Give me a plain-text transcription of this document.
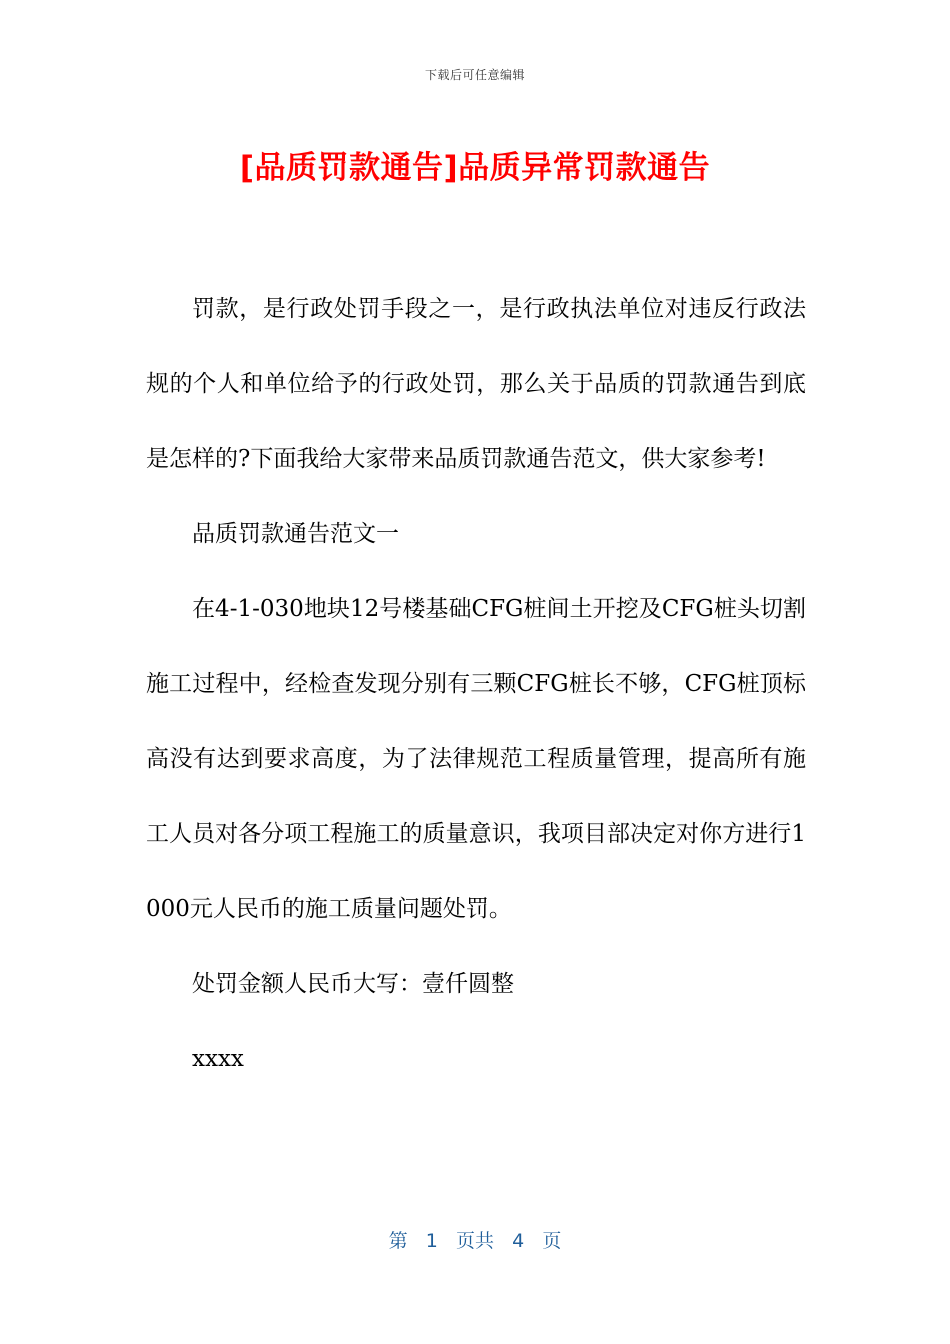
下载后可任意编辑
[品质罚款通告]品质异常罚款通告

罚款，是行政处罚手段之一，是行政执法单位对违反行政法规的个人和单位给予的行政处罚，那么关于品质的罚款通告到底是怎样的?下面我给大家带来品质罚款通告范文，供大家参考!

品质罚款通告范文一

在4-1-030地块12号楼基础CFG桩间土开挖及CFG桩头切割施工过程中，经检查发现分别有三颗CFG桩长不够，CFG桩顶标高没有达到要求高度，为了法律规范工程质量管理，提高所有施工人员对各分项工程施工的质量意识，我项目部决定对你方进行1000元人民币的施工质量问题处罚。

处罚金额人民币大写：壹仟圆整

xxxx

第 1 页共 4 页
